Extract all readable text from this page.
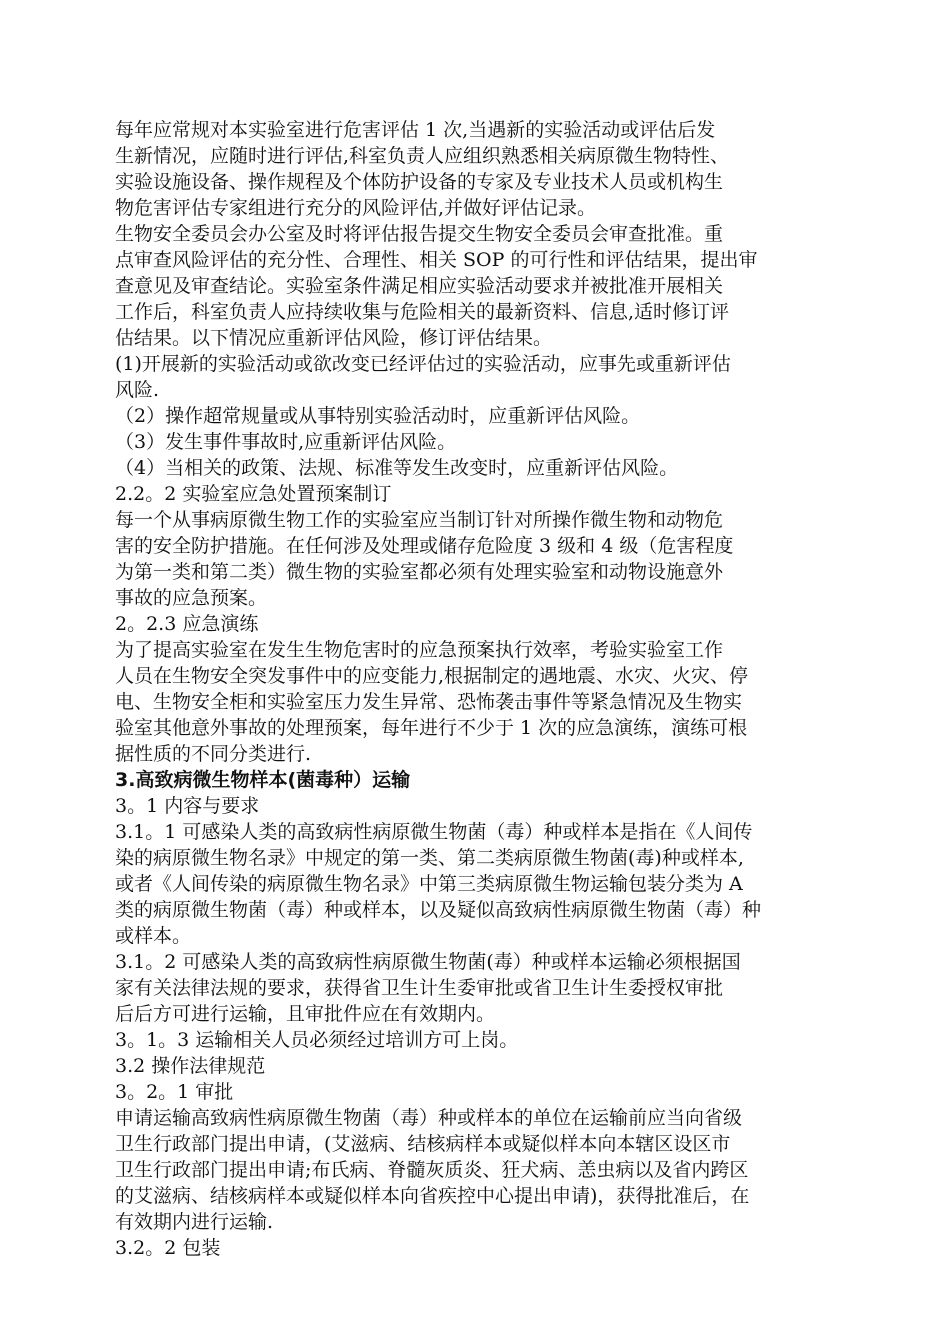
每年应常规对本实验室进行危害评估 1 次,当遇新的实验活动或评估后发
生新情况，应随时进行评估,科室负责人应组织熟悉相关病原微生物特性、
实验设施设备、操作规程及个体防护设备的专家及专业技术人员或机构生
物危害评估专家组进行充分的风险评估,并做好评估记录。
生物安全委员会办公室及时将评估报告提交生物安全委员会审查批准。重
点审查风险评估的充分性、合理性、相关 SOP 的可行性和评估结果，提出审
查意见及审查结论。实验室条件满足相应实验活动要求并被批准开展相关
工作后，科室负责人应持续收集与危险相关的最新资料、信息,适时修订评
估结果。以下情况应重新评估风险，修订评估结果。
(1)开展新的实验活动或欲改变已经评估过的实验活动，应事先或重新评估
风险.
（2）操作超常规量或从事特别实验活动时，应重新评估风险。
（3）发生事件事故时,应重新评估风险。
（4）当相关的政策、法规、标准等发生改变时，应重新评估风险。
2.2。2 实验室应急处置预案制订
每一个从事病原微生物工作的实验室应当制订针对所操作微生物和动物危
害的安全防护措施。在任何涉及处理或储存危险度 3 级和 4 级（危害程度
为第一类和第二类）微生物的实验室都必须有处理实验室和动物设施意外
事故的应急预案。
2。2.3 应急演练
为了提高实验室在发生生物危害时的应急预案执行效率，考验实验室工作
人员在生物安全突发事件中的应变能力,根据制定的遇地震、水灾、火灾、停
电、生物安全柜和实验室压力发生异常、恐怖袭击事件等紧急情况及生物实
验室其他意外事故的处理预案，每年进行不少于 1 次的应急演练，演练可根
据性质的不同分类进行.
3.高致病微生物样本(菌毒种）运输
3。1 内容与要求
3.1。1 可感染人类的高致病性病原微生物菌（毒）种或样本是指在《人间传
染的病原微生物名录》中规定的第一类、第二类病原微生物菌(毒)种或样本,
或者《人间传染的病原微生物名录》中第三类病原微生物运输包装分类为 A
类的病原微生物菌（毒）种或样本，以及疑似高致病性病原微生物菌（毒）种
或样本。
3.1。2 可感染人类的高致病性病原微生物菌(毒）种或样本运输必须根据国
家有关法律法规的要求，获得省卫生计生委审批或省卫生计生委授权审批
后后方可进行运输，且审批件应在有效期内。
3。1。3 运输相关人员必须经过培训方可上岗。
3.2 操作法律规范
3。2。1 审批
申请运输高致病性病原微生物菌（毒）种或样本的单位在运输前应当向省级
卫生行政部门提出申请，(艾滋病、结核病样本或疑似样本向本辖区设区市
卫生行政部门提出申请;布氏病、脊髓灰质炎、狂犬病、恙虫病以及省内跨区
的艾滋病、结核病样本或疑似样本向省疾控中心提出申请)，获得批准后，在
有效期内进行运输.
3.2。2 包装
